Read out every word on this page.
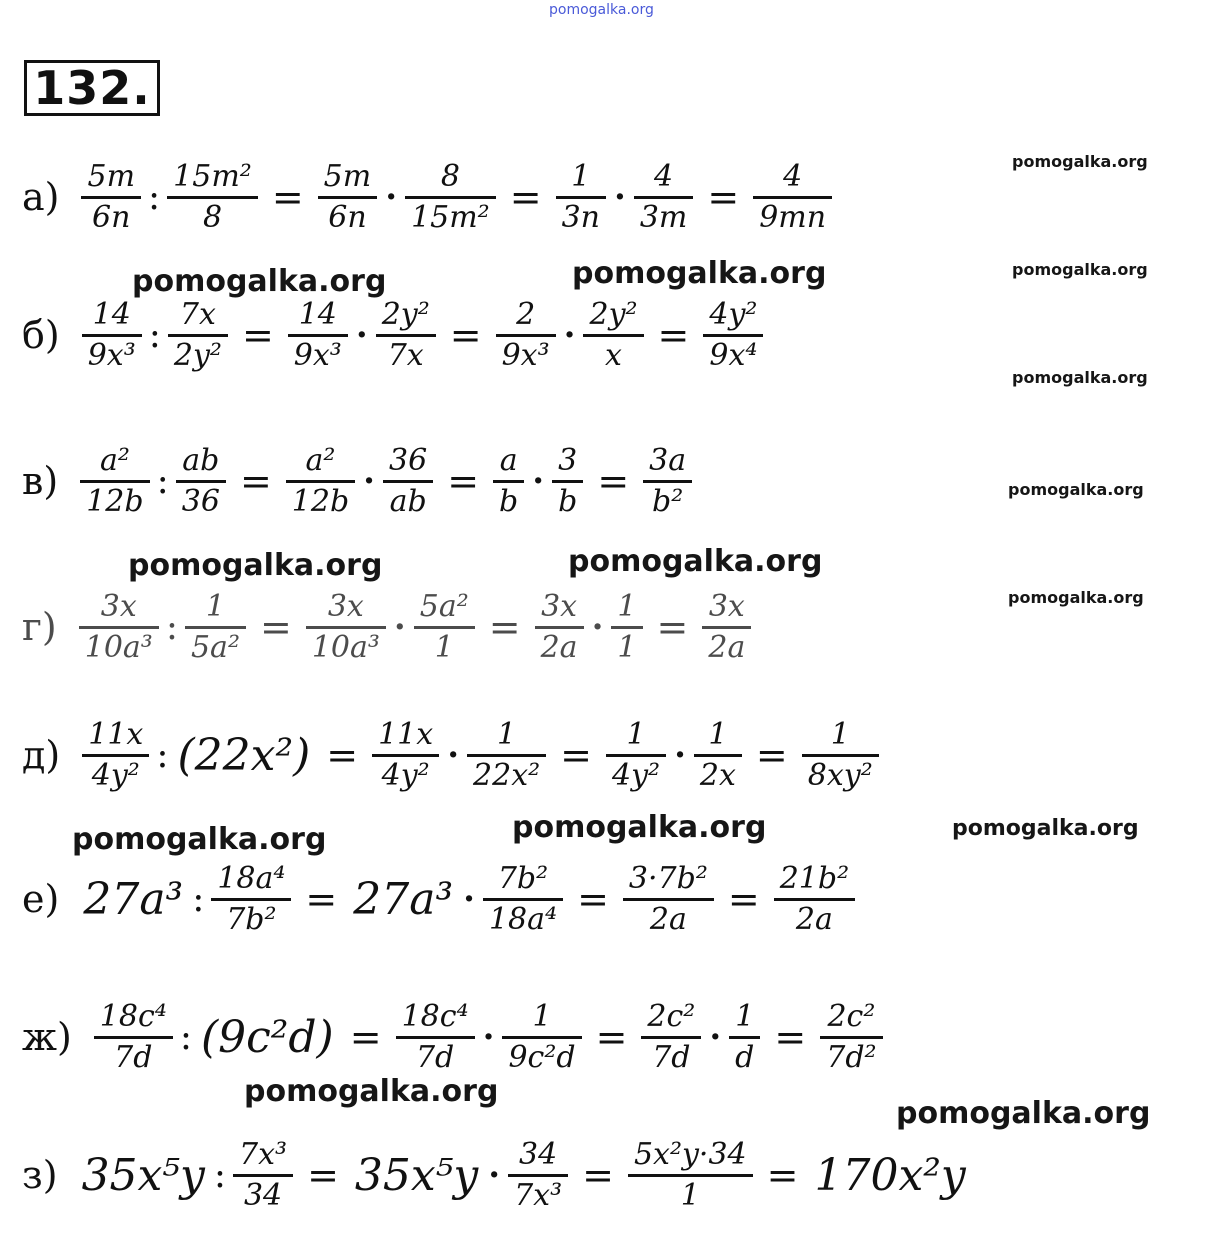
pomogalka.org
132.
$а) \frac{5m}{6n}$ : $\frac{\text{15m²}}{8} = \frac{5m}{6n} \cdot \frac{8}{\text{15m²}} = \frac{1}{3n} \cdot \frac{4}{3m} = \frac{4}{9mn}$
$б) \frac{14}{\text{9x³}}$ : $\frac{7x}{\text{2y²}} = \frac{14}{\text{9x³}} \cdot \frac{\text{2y²}}{7x} = \frac{2}{\text{9x³}} \cdot \frac{\text{2y²}}{x} = \frac{\text{4y²}}{\text{9x⁴}}$
$в) \frac{\text{a²}}{12b}$ : $\frac{ab}{36} = \frac{\text{a²}}{12b} \cdot \frac{36}{ab} = \frac{a}{b} \cdot \frac{3}{b} = \frac{3a}{\text{b²}}$
$г) \frac{3x}{\text{10a³}}$ : $\frac{1}{\text{5a²}} = \frac{3x}{\text{10a³}} \cdot \frac{\text{5a²}}{1} = \frac{3x}{2a} \cdot \frac{1}{1} = \frac{3x}{2a}$
$д) \frac{11x}{\text{4y²}}$ : $(22x^2) = \frac{11x}{\text{4y²}} \cdot \frac{1}{\text{22x²}} = \frac{1}{\text{4y²}} \cdot \frac{1}{2x} = \frac{1}{\text{8xy²}}$
е) 27a³ : $\frac{\text{18a⁴}}{\text{7b²}} = 27a^3 \cdot \frac{\text{7b²}}{\text{18a⁴}} = \frac{\text{3·7b²}}{2a} = \frac{\text{21b²}}{2a}$
$ж) \frac{\text{18c⁴}}{7d}$ : $(9c^2d) = \frac{\text{18c⁴}}{7d} \cdot \frac{1}{\text{9c²d}} = \frac{\text{2c²}}{7d} \cdot \frac{1}{d} = \frac{\text{2c²}}{\text{7d²}}$
з) 35x⁵y : $\frac{\text{7x³}}{34} = 35x^5y \cdot \frac{34}{\text{7x³}} = \frac{\text{5x²y·34}}{1} = 170x^2y$
pomogalka.org
pomogalka.org
pomogalka.org
pomogalka.org
pomogalka.org
pomogalka.org	pomogalka.org
pomogalka.org	pomogalka.org
pomogalka.org	pomogalka.org	pomogalka.org
pomogalka.org
pomogalka.org
